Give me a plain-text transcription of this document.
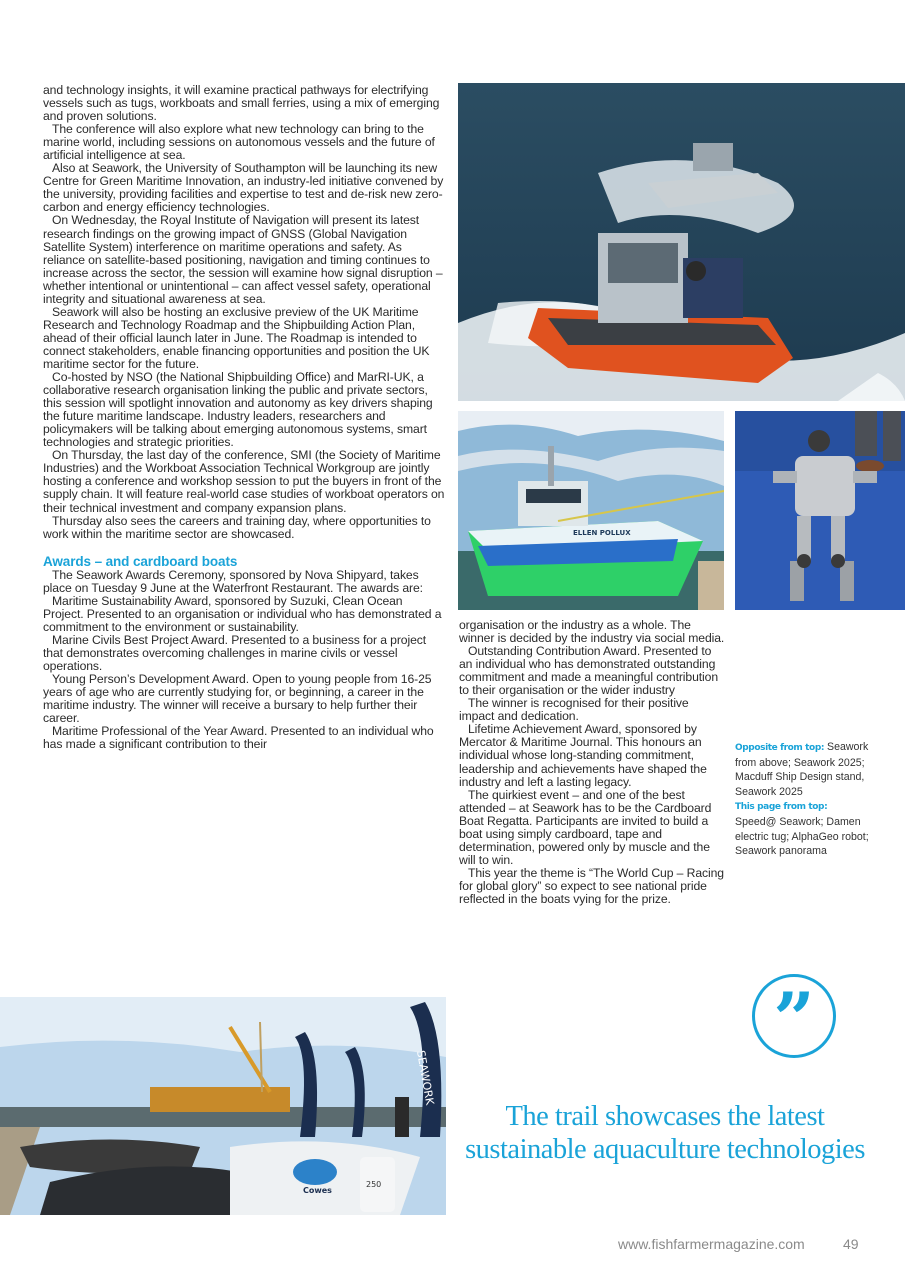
and technology insights, it will examine practical pathways for electrifying vessels such as tugs, workboats and small ferries, using a mix of emerging and proven solutions.

The conference will also explore what new technology can bring to the marine world, including sessions on autonomous vessels and the future of artificial intelligence at sea.

Also at Seawork, the University of Southampton will be launching its new Centre for Green Maritime Innovation, an industry-led initiative convened by the university, providing facilities and expertise to test and de-risk new zero-carbon and energy efficiency technologies.

On Wednesday, the Royal Institute of Navigation will present its latest research findings on the growing impact of GNSS (Global Navigation Satellite System) interference on maritime operations and safety. As reliance on satellite-based positioning, navigation and timing continues to increase across the sector, the session will examine how signal disruption – whether intentional or unintentional – can affect vessel safety, operational integrity and situational awareness at sea.

Seawork will also be hosting an exclusive preview of the UK Maritime Research and Technology Roadmap and the Shipbuilding Action Plan, ahead of their official launch later in June. The Roadmap is intended to connect stakeholders, enable financing opportunities and position the UK maritime sector for the future.

Co-hosted by NSO (the National Shipbuilding Office) and MarRI-UK, a collaborative research organisation linking the public and private sectors, this session will spotlight innovation and autonomy as key drivers shaping the future maritime landscape. Industry leaders, researchers and policymakers will be talking about emerging autonomous systems, smart technologies and strategic priorities.

On Thursday, the last day of the conference, SMI (the Society of Maritime Industries) and the Workboat Association Technical Workgroup are jointly hosting a conference and workshop session to put the buyers in front of the supply chain. It will feature real-world case studies of workboat operators on their technical investment and company expansion plans.

Thursday also sees the careers and training day, where opportunities to work within the maritime sector are showcased.

Awards – and cardboard boats

The Seawork Awards Ceremony, sponsored by Nova Shipyard, takes place on Tuesday 9 June at the Waterfront Restaurant. The awards are:

Maritime Sustainability Award, sponsored by Suzuki, Clean Ocean Project. Presented to an organisation or individual who has demonstrated a commitment to the environment or sustainability.

Marine Civils Best Project Award. Presented to a business for a project that demonstrates overcoming challenges in marine civils or vessel operations.

Young Person’s Development Award. Open to young people from 16-25 years of age who are currently studying for, or beginning, a career in the maritime industry. The winner will receive a bursary to help further their career.

Maritime Professional of the Year Award. Presented to an individual who has made a significant contribution to their

organisation or the industry as a whole. The winner is decided by the industry via social media.

Outstanding Contribution Award. Presented to an individual who has demonstrated outstanding commitment and made a meaningful contribution to their organisation or the wider industry

The winner is recognised for their positive impact and dedication.

Lifetime Achievement Award, sponsored by Mercator & Maritime Journal. This honours an individual whose long-standing commitment, leadership and achievements have shaped the industry and left a lasting legacy.

The quirkiest event – and one of the best attended – at Seawork has to be the Cardboard Boat Regatta. Participants are invited to build a boat using simply cardboard, tape and determination, powered only by muscle and the will to win.

This year the theme is “The World Cup – Racing for global glory” so expect to see national pride reflected in the boats vying for the prize.

ELLEN POLLUX
SEAWORK
250
Cowes
Opposite from top: Seawork from above; Seawork 2025; Macduff Ship Design stand, Seawork 2025
This page from top: Speed@ Seawork; Damen electric tug; AlphaGeo robot; Seawork panorama
”
The trail showcases the latest sustainable aquaculture technologies
www.fishfarmermagazine.com	49
